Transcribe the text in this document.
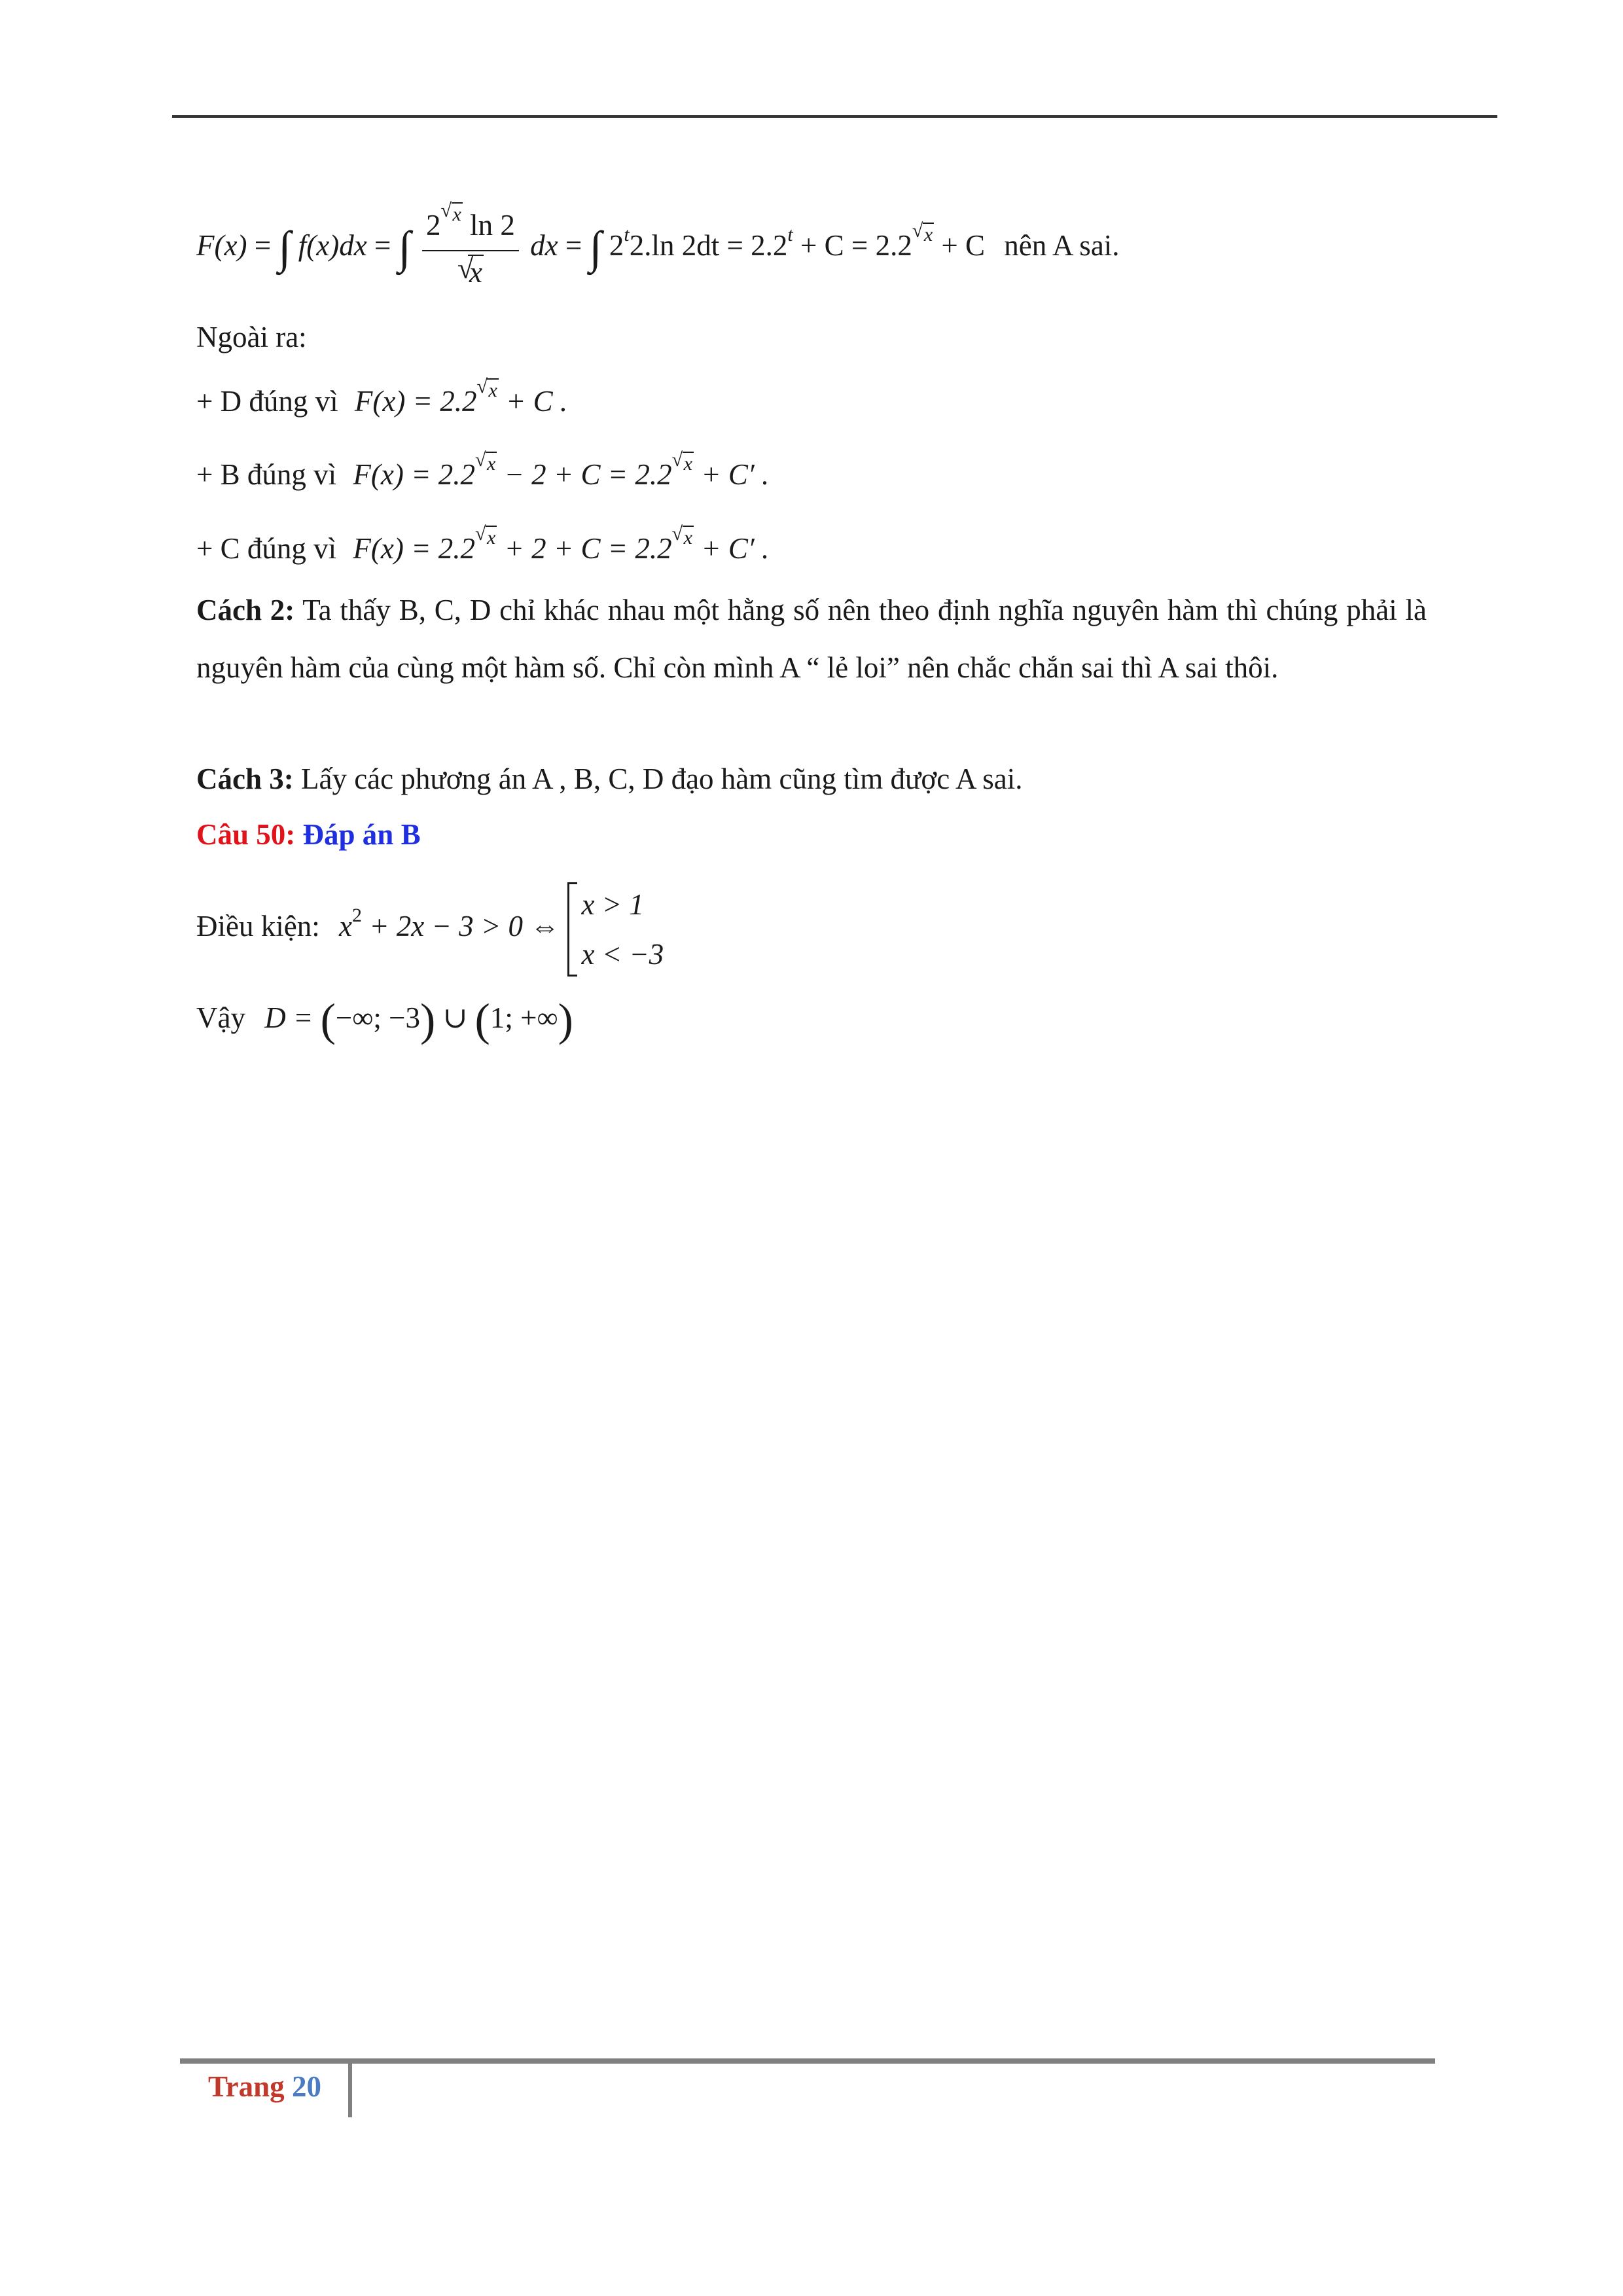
F(x) = ∫ f(x)dx = ∫ 2 $^{√ x}$ ln 2
√
x dx = ∫ 2$^t$2.ln $2dt = 2.2^t + C = 2.2$ $^{√ x}$ + C nên A sai.
Ngoài ra:
+ D đúng vì F(x) = 2.2 $^{√ x}$ + C .
+ B đúng vì F(x) = 2.2 $^{√ x}$ − 2 + C = 2.2 $^{√ x}$ + C′ .
+ C đúng vì F(x) = 2.2 $^{√ x}$ + 2 + C = 2.2 $^{√ x}$ + C′ .
Cách 2: Ta thấy B, C, D chỉ khác nhau một hằng số nên theo định nghĩa nguyên hàm thì chúng phải là nguyên hàm của cùng một hàm số. Chỉ còn mình A “ lẻ loi” nên chắc chắn sai thì A sai thôi.
Cách 3: Lấy các phương án A , B, C, D đạo hàm cũng tìm được A sai.
Câu 50: Đáp án B
Điều kiện: $x^2 + 2x - 3 > 0$ ⇔
x > 1
x < −3
Vậy D = (−∞; −3) ∪ (1; +∞)
Trang 20
